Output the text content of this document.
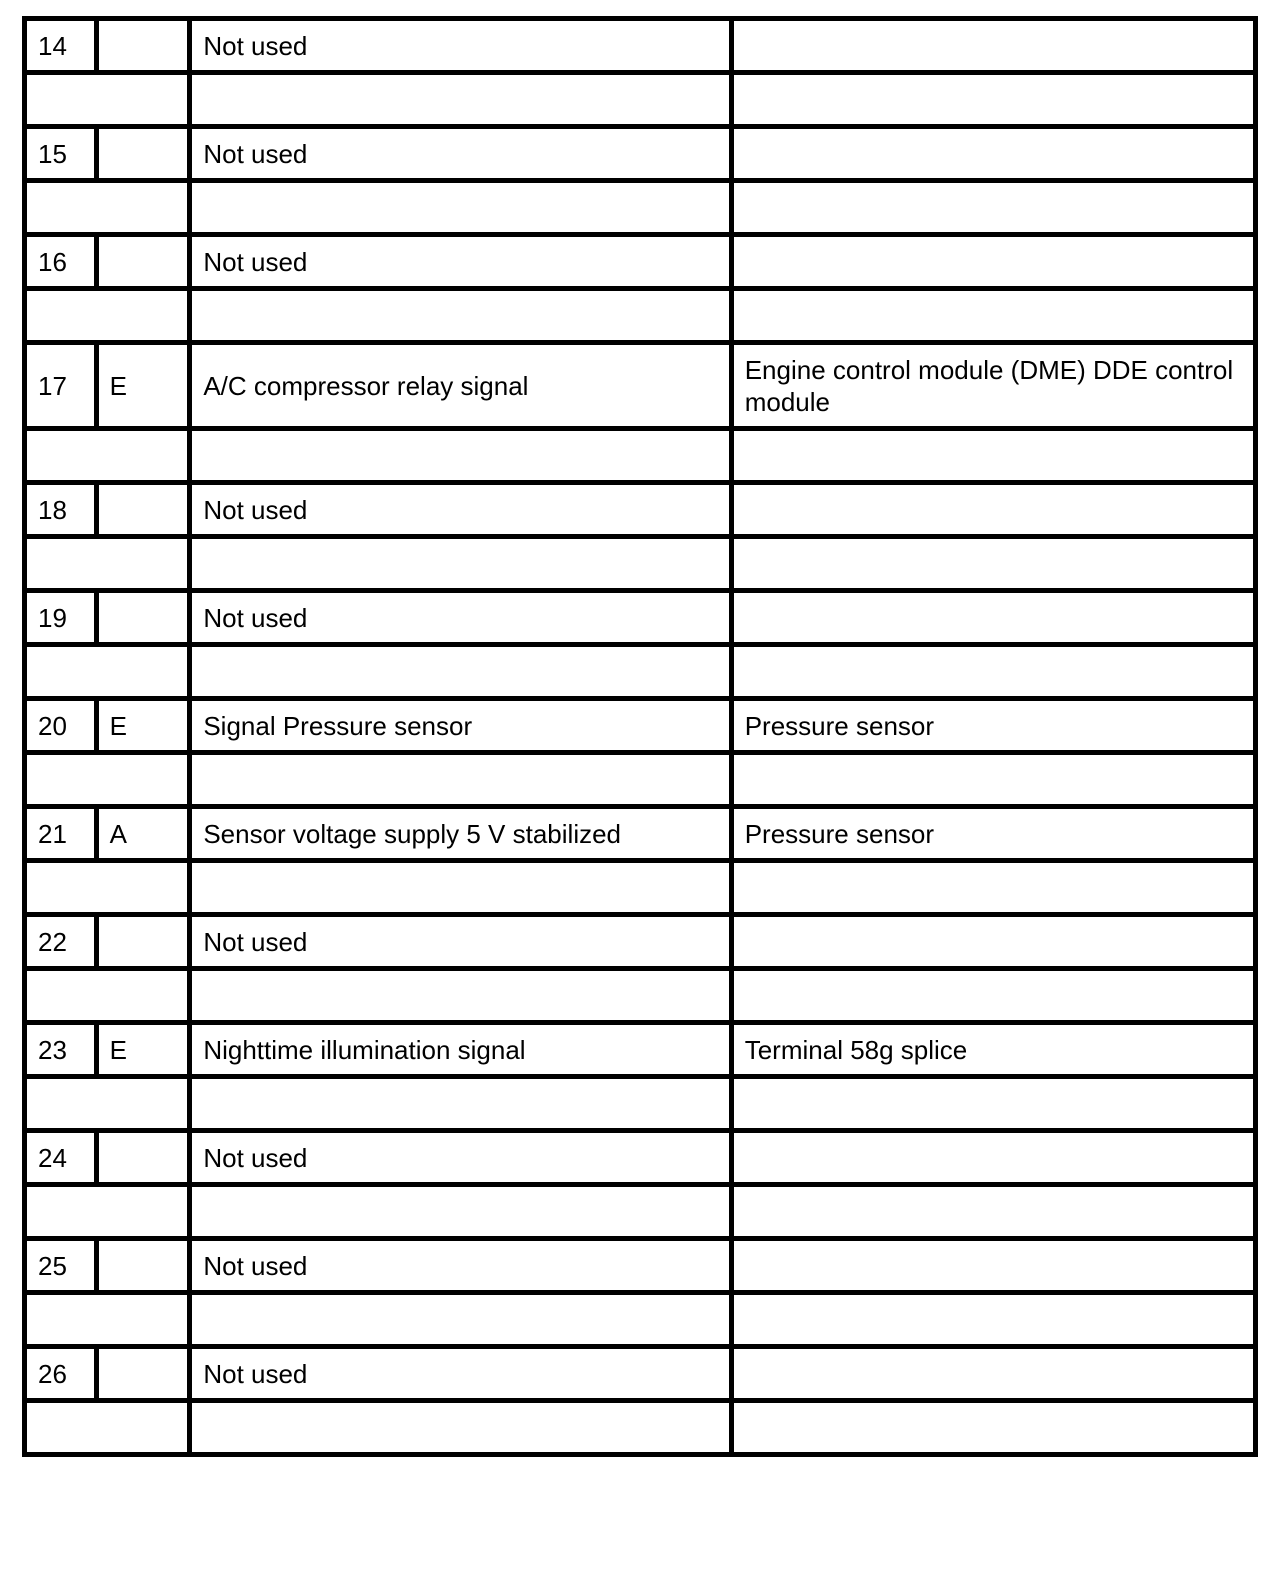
14		Not used	

15		Not used	

16		Not used	

17	E	A/C compressor relay signal	Engine control module (DME) DDE control module

18		Not used	

19		Not used	

20	E	Signal Pressure sensor	Pressure sensor

21	A	Sensor voltage supply 5 V stabilized	Pressure sensor

22		Not used	

23	E	Nighttime illumination signal	Terminal 58g splice

24		Not used	

25		Not used	

26		Not used	
